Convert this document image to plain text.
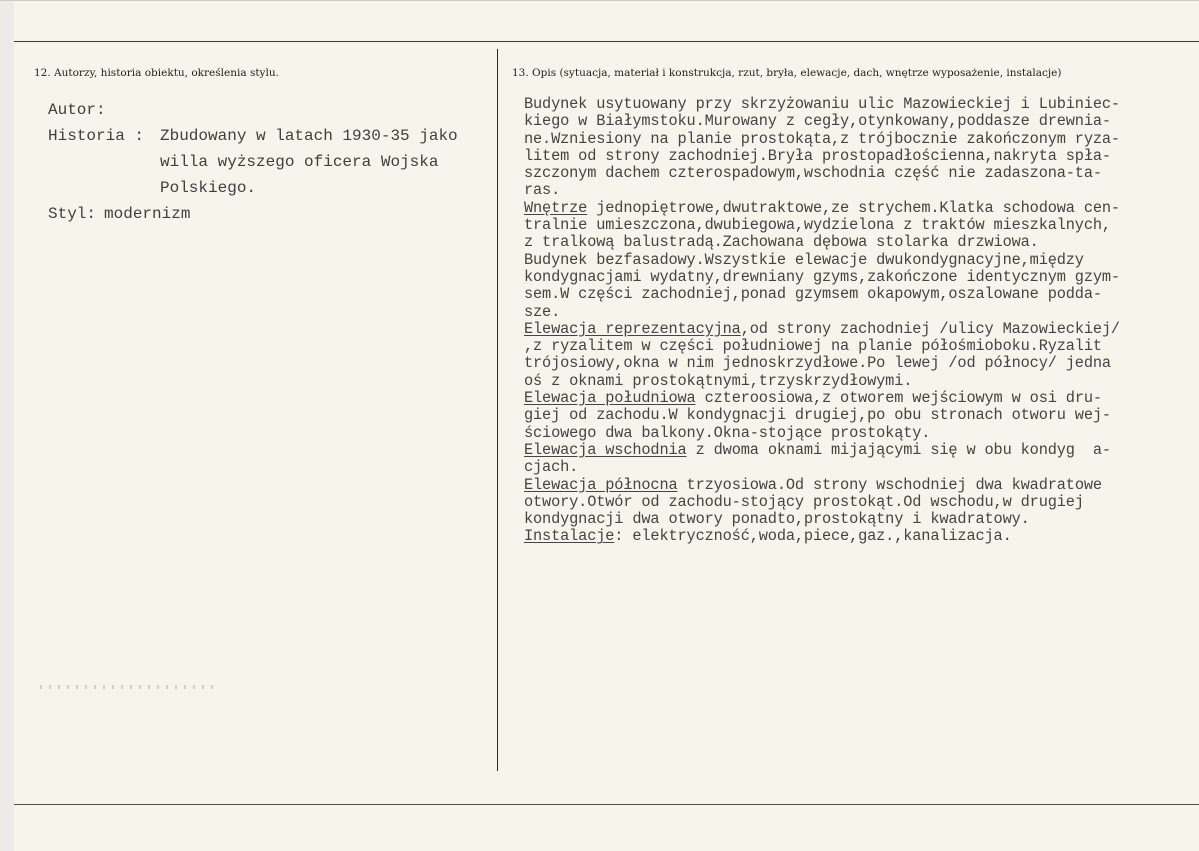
12. Autorzy, historia obiektu, określenia stylu.	13. Opis (sytuacja, materiał i konstrukcja, rzut, bryła, elewacje, dach, wnętrze wyposażenie, instalacje)
Autor:
Historia : Zbudowany w latach 1930-35 jako willa wyższego oficera Wojska Polskiego.
Styl: modernizm
Budynek usytuowany przy skrzyżowaniu ulic Mazowieckiej i Lubiniec-
kiego w Białymstoku.Murowany z cegły,otynkowany,poddasze drewnia-
ne.Wzniesiony na planie prostokąta,z trójbocznie zakończonym ryza-
litem od strony zachodniej.Bryła prostopadłościenna,nakryta spła-
szczonym dachem czterospadowym,wschodnia część nie zadaszona-ta-
ras.
Wnętrze jednopiętrowe,dwutraktowe,ze strychem.Klatka schodowa cen-
tralnie umieszczona,dwubiegowa,wydzielona z traktów mieszkalnych,
z tralkową balustradą.Zachowana dębowa stolarka drzwiowa.
Budynek bezfasadowy.Wszystkie elewacje dwukondygnacyjne,między
kondygnacjami wydatny,drewniany gzyms,zakończone identycznym gzym-
sem.W części zachodniej,ponad gzymsem okapowym,oszalowane podda-
sze.
Elewacja reprezentacyjna,od strony zachodniej /ulicy Mazowieckiej/
,z ryzalitem w części południowej na planie półośmioboku.Ryzalit
trójosiowy,okna w nim jednoskrzydłowe.Po lewej /od północy/ jedna
oś z oknami prostokątnymi,trzyskrzydłowymi.
Elewacja południowa czteroosiowa,z otworem wejściowym w osi dru-
giej od zachodu.W kondygnacji drugiej,po obu stronach otworu wej-
ściowego dwa balkony.Okna-stojące prostokąty.
Elewacja wschodnia z dwoma oknami mijającymi się w obu kondyg  a-
cjach.
Elewacja północna trzyosiowa.Od strony wschodniej dwa kwadratowe
otwory.Otwór od zachodu-stojący prostokąt.Od wschodu,w drugiej
kondygnacji dwa otwory ponadto,prostokątny i kwadratowy.
Instalacje: elektryczność,woda,piece,gaz.,kanalizacja.
